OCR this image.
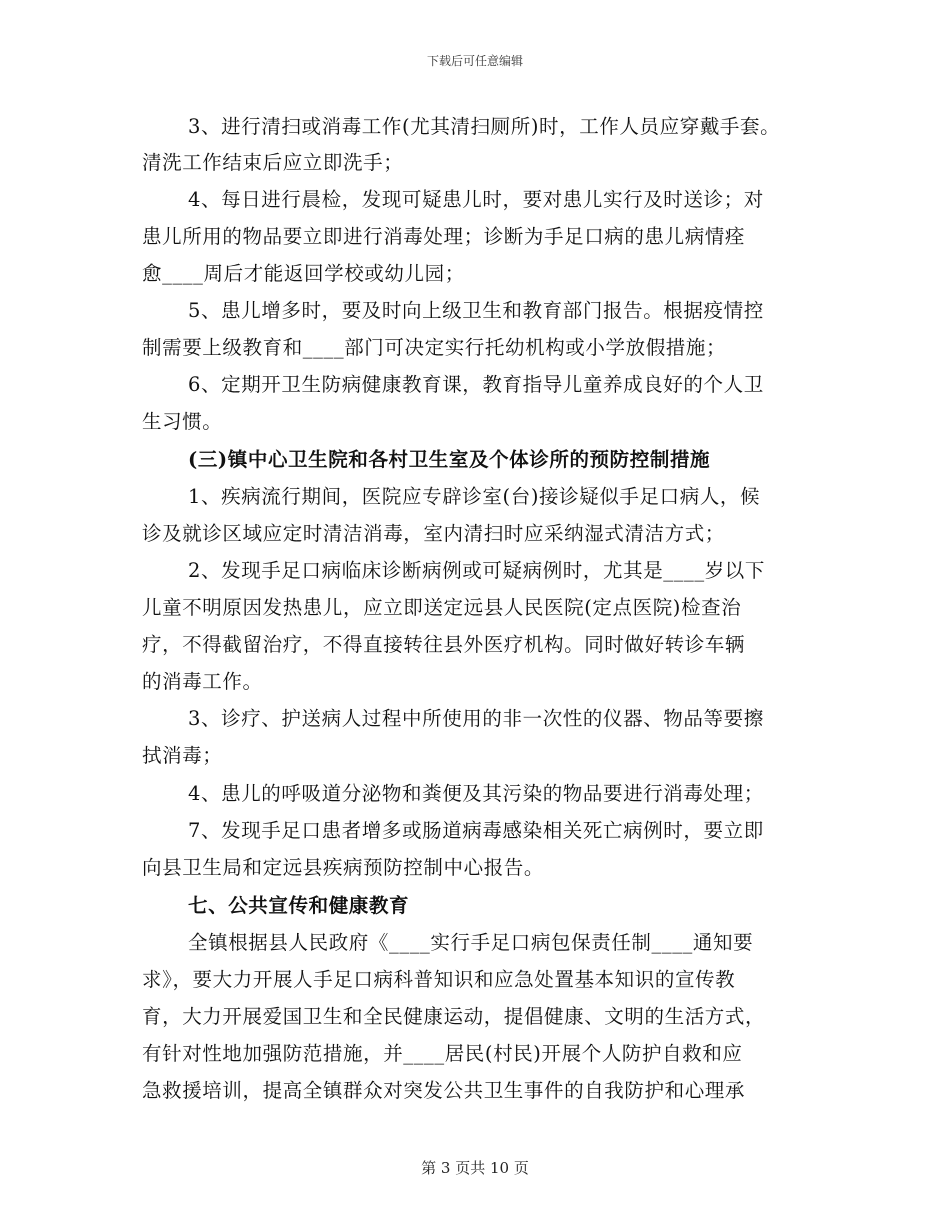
下载后可任意编辑
3、进行清扫或消毒工作(尤其清扫厕所)时，工作人员应穿戴手套。
清洗工作结束后应立即洗手；
4、每日进行晨检，发现可疑患儿时，要对患儿实行及时送诊；对
患儿所用的物品要立即进行消毒处理；诊断为手足口病的患儿病情痊
愈____周后才能返回学校或幼儿园；
5、患儿增多时，要及时向上级卫生和教育部门报告。根据疫情控
制需要上级教育和____部门可决定实行托幼机构或小学放假措施；
6、定期开卫生防病健康教育课，教育指导儿童养成良好的个人卫
生习惯。
(三)镇中心卫生院和各村卫生室及个体诊所的预防控制措施
1、疾病流行期间，医院应专辟诊室(台)接诊疑似手足口病人，候
诊及就诊区域应定时清洁消毒，室内清扫时应采纳湿式清洁方式；
2、发现手足口病临床诊断病例或可疑病例时，尤其是____岁以下
儿童不明原因发热患儿，应立即送定远县人民医院(定点医院)检查治
疗，不得截留治疗，不得直接转往县外医疗机构。同时做好转诊车辆
的消毒工作。
3、诊疗、护送病人过程中所使用的非一次性的仪器、物品等要擦
拭消毒；
4、患儿的呼吸道分泌物和粪便及其污染的物品要进行消毒处理；
7、发现手足口患者增多或肠道病毒感染相关死亡病例时，要立即
向县卫生局和定远县疾病预防控制中心报告。
七、公共宣传和健康教育
全镇根据县人民政府《____实行手足口病包保责任制____通知要
求》，要大力开展人手足口病科普知识和应急处置基本知识的宣传教
育，大力开展爱国卫生和全民健康运动，提倡健康、文明的生活方式，
有针对性地加强防范措施，并____居民(村民)开展个人防护自救和应
急救援培训，提高全镇群众对突发公共卫生事件的自我防护和心理承
第 3 页共 10 页
